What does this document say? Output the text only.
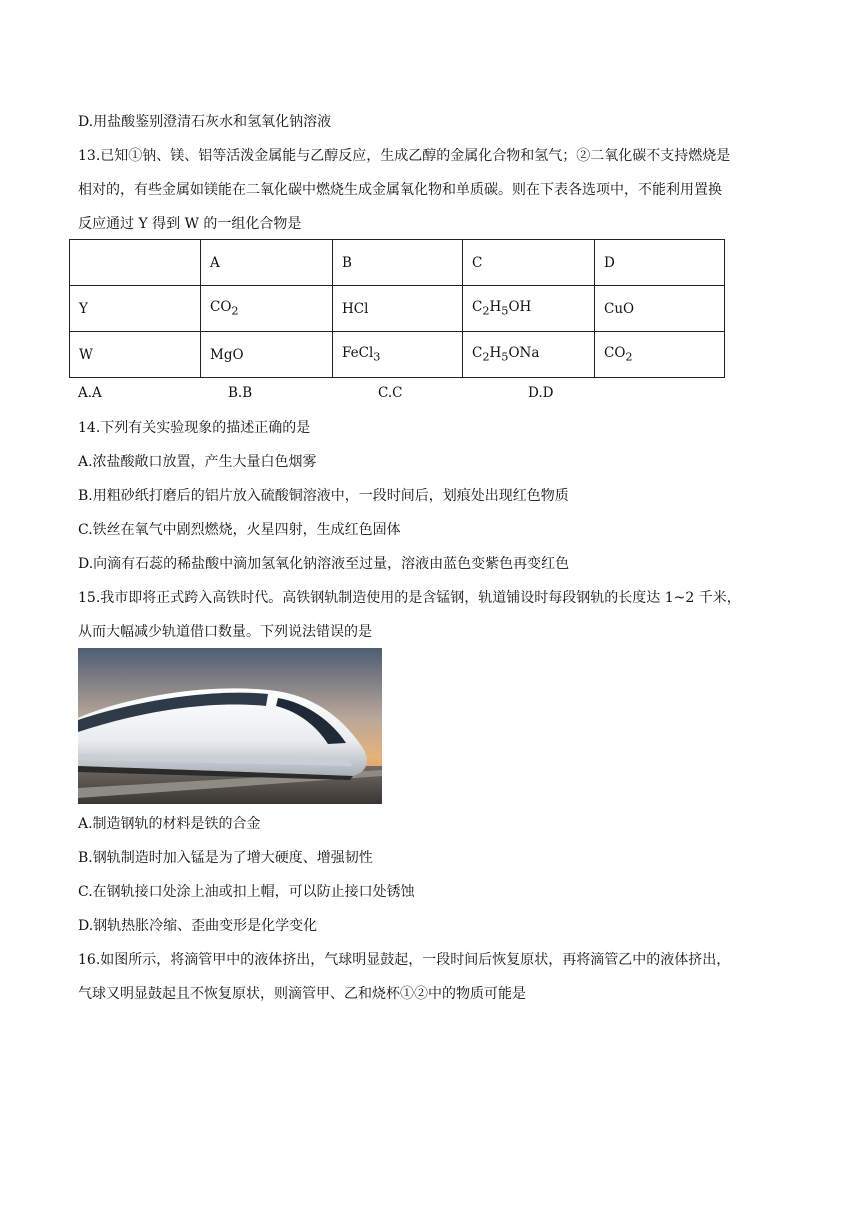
D.用盐酸鉴别澄清石灰水和氢氧化钠溶液
13.已知①钠、镁、铝等活泼金属能与乙醇反应，生成乙醇的金属化合物和氢气；②二氧化碳不支持燃烧是
相对的，有些金属如镁能在二氧化碳中燃烧生成金属氧化物和单质碳。则在下表各选项中，不能利用置换
反应通过 Y 得到 W 的一组化合物是
	A	B	C	D
Y	$CO_2$	HCl	$C_2H_5OH$	CuO
W	MgO	FeCl$_3$	$C_2H_5ONa$	$CO_2$
A.A	B.B	C.C	D.D
14.下列有关实验现象的描述正确的是
A.浓盐酸敞口放置，产生大量白色烟雾
B.用粗砂纸打磨后的铝片放入硫酸铜溶液中，一段时间后，划痕处出现红色物质
C.铁丝在氧气中剧烈燃烧，火星四射，生成红色固体
D.向滴有石蕊的稀盐酸中滴加氢氧化钠溶液至过量，溶液由蓝色变紫色再变红色
15.我市即将正式跨入高铁时代。高铁钢轨制造使用的是含锰钢，轨道铺设时每段钢轨的长度达 1~2 千米，
从而大幅减少轨道借口数量。下列说法错误的是
A.制造钢轨的材料是铁的合金
B.钢轨制造时加入锰是为了增大硬度、增强韧性
C.在钢轨接口处涂上油或扣上帽，可以防止接口处锈蚀
D.钢轨热胀冷缩、歪曲变形是化学变化
16.如图所示，将滴管甲中的液体挤出，气球明显鼓起，一段时间后恢复原状，再将滴管乙中的液体挤出，
气球又明显鼓起且不恢复原状，则滴管甲、乙和烧杯①②中的物质可能是
